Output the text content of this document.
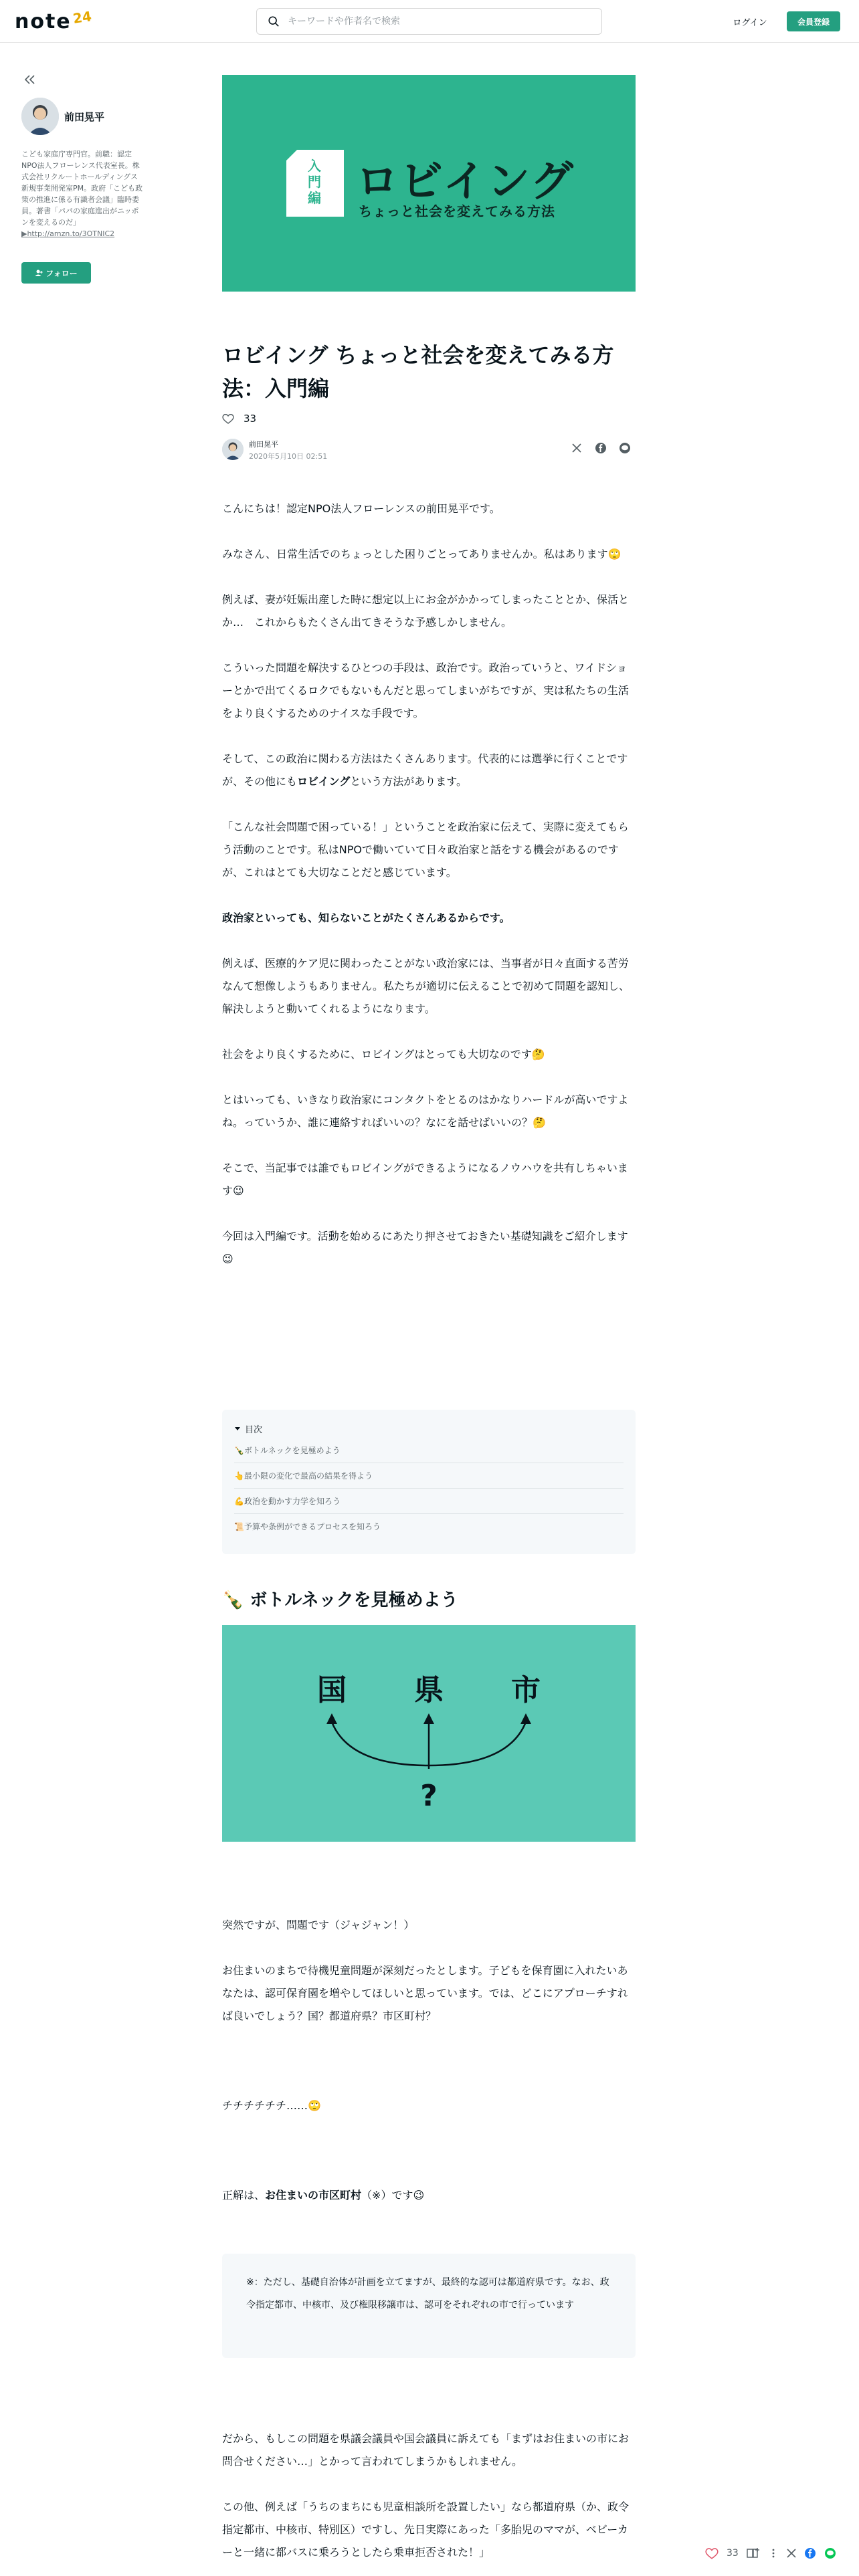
note 24
キーワードや作者名で検索	ログイン	会員登録
前田晃平
こども家庭庁専門官。前職：認定NPO法人フローレンス代表室長。株式会社リクルートホールディングス新規事業開発室PM。政府「こども政策の推進に係る有識者会議」臨時委員。著書「パパの家庭進出がニッポンを変えるのだ」
▶http://amzn.to/3OTNIC2
フォロー
入門編 ロビイング
ちょっと社会を変えてみる方法
ロビイング ちょっと社会を変えてみる方法：入門編
33
前田晃平
2020年5月10日 02:51

こんにちは！認定NPO法人フローレンスの前田晃平です。

みなさん、日常生活でのちょっとした困りごとってありませんか。私はあります🙄

例えば、妻が妊娠出産した時に想定以上にお金がかかってしまったこととか、保活とか…　これからもたくさん出てきそうな予感しかしません。

こういった問題を解決するひとつの手段は、政治です。政治っていうと、ワイドショーとかで出てくるロクでもないもんだと思ってしまいがちですが、実は私たちの生活をより良くするためのナイスな手段です。

そして、この政治に関わる方法はたくさんあります。代表的には選挙に行くことですが、その他にもロビイングという方法があります。

「こんな社会問題で困っている！」ということを政治家に伝えて、実際に変えてもらう活動のことです。私はNPOで働いていて日々政治家と話をする機会があるのですが、これはとても大切なことだと感じています。

政治家といっても、知らないことがたくさんあるからです。

例えば、医療的ケア児に関わったことがない政治家には、当事者が日々直面する苦労なんて想像しようもありません。私たちが適切に伝えることで初めて問題を認知し、解決しようと動いてくれるようになります。

社会をより良くするために、ロビイングはとっても大切なのです🤔

とはいっても、いきなり政治家にコンタクトをとるのはかなりハードルが高いですよね。っていうか、誰に連絡すればいいの？なにを話せばいいの？🤔

そこで、当記事では誰でもロビイングができるようになるノウハウを共有しちゃいます😉

今回は入門編です。活動を始めるにあたり押させておきたい基礎知識をご紹介します😉

目次
🍾ボトルネックを見極めよう
👆最小限の変化で最高の結果を得よう
💪政治を動かす力学を知ろう
📜予算や条例ができるプロセスを知ろう
🍾 ボトルネックを見極めよう
国 県 市
?

突然ですが、問題です（ジャジャン！）

お住まいのまちで待機児童問題が深刻だったとします。子どもを保育園に入れたいあなたは、認可保育園を増やしてほしいと思っています。では、どこにアプローチすれば良いでしょう？国？都道府県？市区町村？

チチチチチチ……🙄

正解は、お住まいの市区町村（※）です😉

※：ただし、基礎自治体が計画を立てますが、最終的な認可は都道府県です。なお、政令指定都市、中核市、及び権限移譲市は、認可をそれぞれの市で行っています

だから、もしこの問題を県議会議員や国会議員に訴えても「まずはお住まいの市にお問合せください…」とかって言われてしまうかもしれません。

この他、例えば「うちのまちにも児童相談所を設置したい」なら都道府県（か、政令指定都市、中核市、特別区）ですし、先日実際にあった「多胎児のママが、ベビーカーと一緒に都バスに乗ろうとしたら乗車拒否された！」	33
